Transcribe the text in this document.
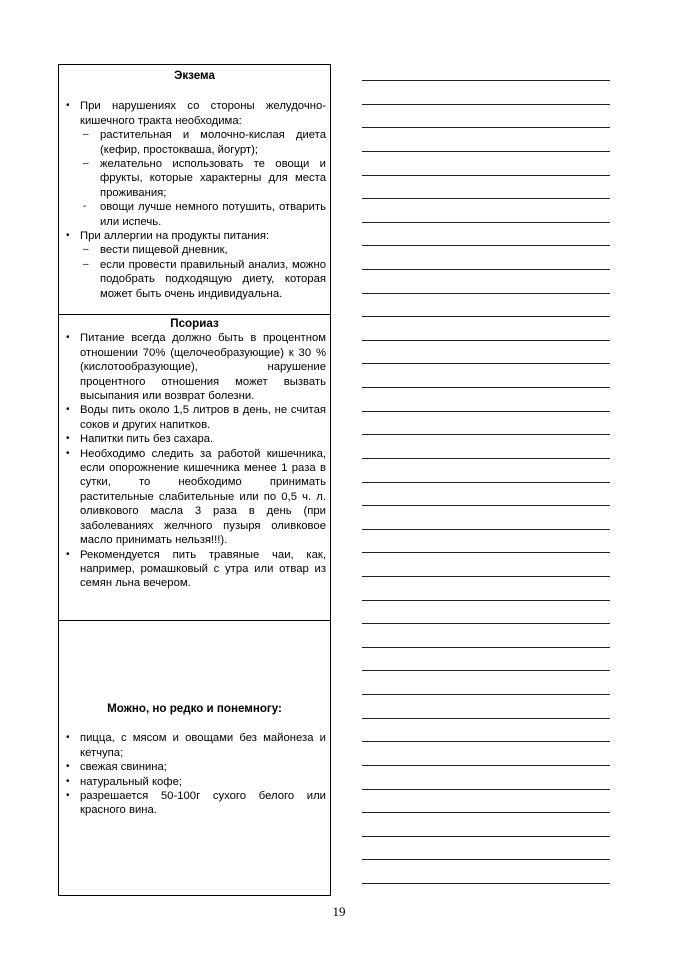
Экзема
• При нарушениях со стороны желудочно-кишечного тракта необходима:
– растительная и молочно-кислая диета (кефир, простокваша, йогурт);
– желательно использовать те овощи и фрукты, которые характерны для места проживания;
- овощи лучше немного потушить, отварить или испечь.
• При аллергии на продукты питания:
– вести пищевой дневник,
– если провести правильный анализ, можно подобрать подходящую диету, которая может быть очень индивидуальна.
Псориаз
• Питание всегда должно быть в процентном отношении 70% (щелочеобразующие) к 30 % (кислотообразующие), нарушение процентного отношения может вызвать высыпания или возврат болезни.
• Воды пить около 1,5 литров в день, не считая соков и других напитков.
• Напитки пить без сахара.
• Необходимо следить за работой кишечника, если опорожнение кишечника менее 1 раза в сутки, то необходимо принимать растительные слабительные или по 0,5 ч. л. оливкового масла 3 раза в день (при заболеваниях желчного пузыря оливковое масло принимать нельзя!!!).
• Рекомендуется пить травяные чаи, как, например, ромашковый с утра или отвар из семян льна вечером.
Можно, но редко и понемногу:
• пицца, с мясом и овощами без майонеза и кетчупа;
• свежая свинина;
• натуральный кофе;
• разрешается 50-100г сухого белого или красного вина.
19
